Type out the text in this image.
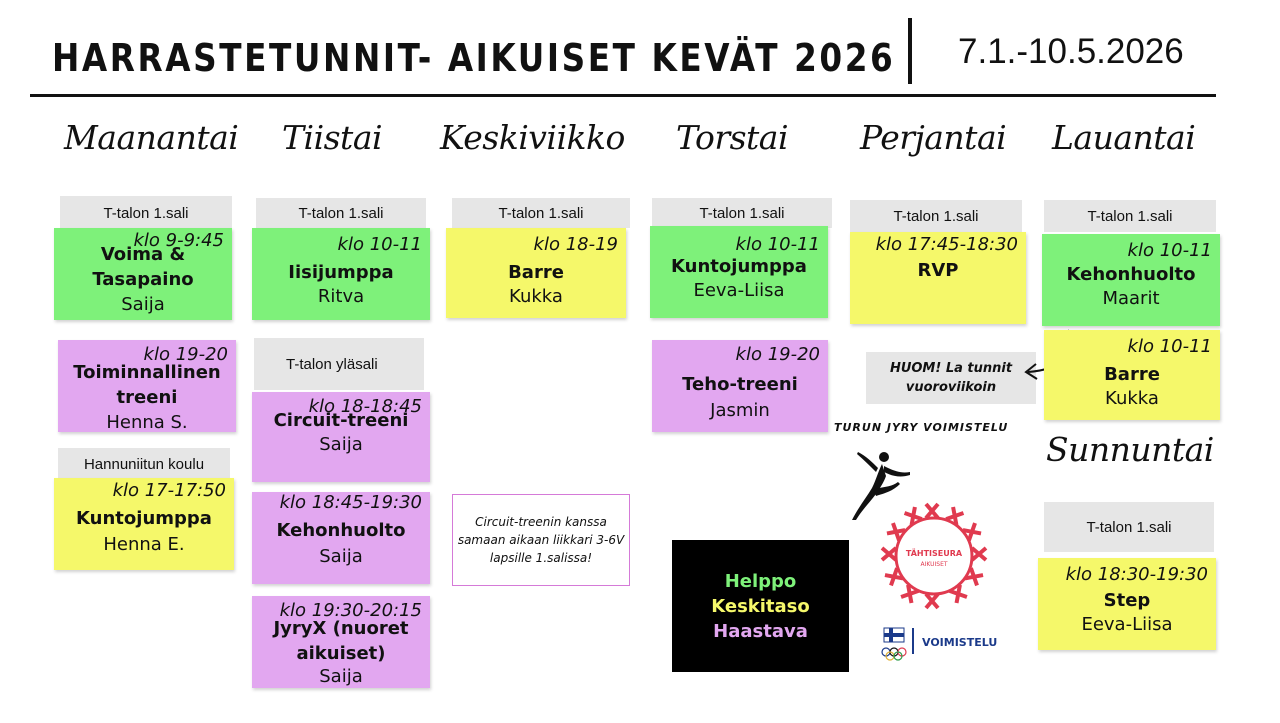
HARRASTETUNNIT- AIKUISET KEVÄT 2026 7.1.-10.5.2026
Maanantai Tiistai Keskiviikko Torstai Perjantai Lauantai
Sunnuntai
T-talon 1.sali	T-talon 1.sali	T-talon 1.sali	T-talon 1.sali	T-talon 1.sali	T-talon 1.sali
T-talon 1.sali
T-talon yläsali
Hannuniitun koulu
klo 9-9:45
Voima & Tasapaino
Saija
klo 19-20
Toiminnallinen treeni
Henna S.
klo 17-17:50
Kuntojumppa
Henna E.
klo 10-11
Iisijumppa
Ritva
klo 18-18:45
Circuit-treeni
Saija
klo 18:45-19:30
Kehonhuolto
Saija
klo 19:30-20:15
JyryX (nuoret aikuiset)
Saija
klo 18-19
Barre
Kukka
Circuit-treenin kanssa samaan aikaan liikkari 3-6V lapsille 1.salissa!
klo 10-11
Kuntojumppa
Eeva-Liisa
klo 19-20
Teho-treeni
Jasmin
klo 17:45-18:30
RVP
HUOM! La tunnit vuoroviikoin
klo 10-11
Kehonhuolto
Maarit
klo 10-11
Barre
Kukka
klo 18:30-19:30
Step
Eeva-Liisa
Helppo
Keskitaso
Haastava
TURUN JYRY VOIMISTELU
TÄHTISEURA
AIKUISET
VOIMISTELU
